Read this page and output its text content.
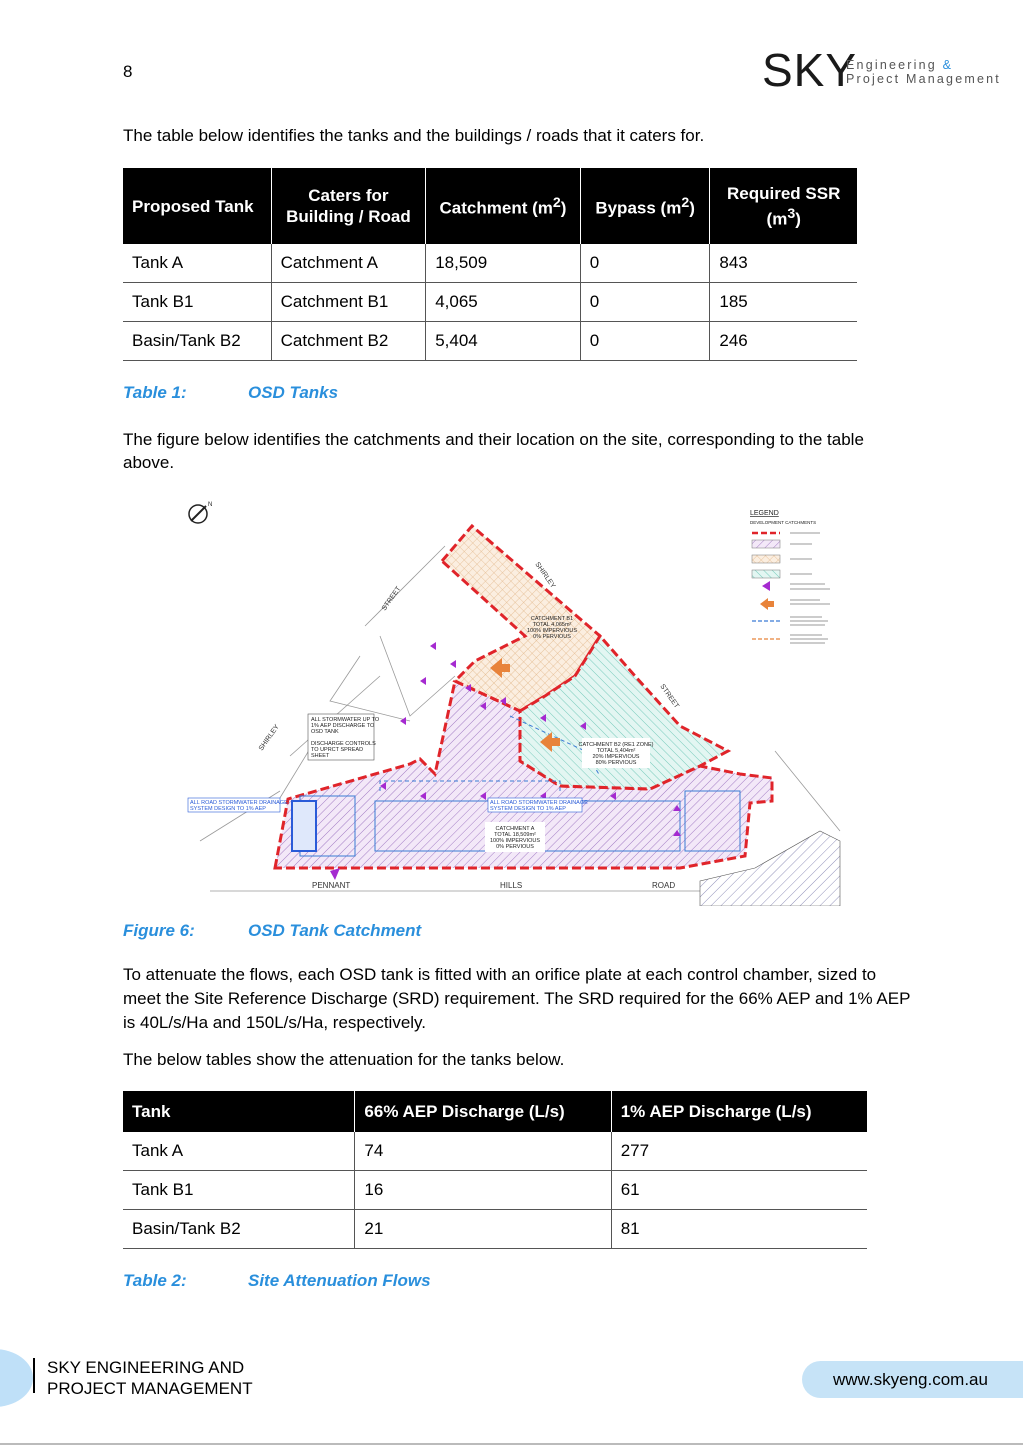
8	SKY
Engineering &
Project Management
The table below identifies the tanks and the buildings / roads that it caters for.
Proposed Tank	Caters for Building / Road	Catchment $(m^2)$	Bypass $(m^2)$	Required SSR $(m^3)$
Tank A	Catchment A	18,509	0	843
Tank B1	Catchment B1	4,065	0	185
Basin/Tank B2	Catchment B2	5,404	0	246
Table 1:	OSD Tanks
The figure below identifies the catchments and their location on the site, corresponding to the table above.
N
SHIRLEY
STREET
STREET
SHIRLEY
PENNANT	HILLS	ROAD
CATCHMENT B1
TOTAL 4,065m²
100% IMPERVIOUS
0% PERVIOUS
CATCHMENT B2 (RE1 ZONE)
TOTAL 5,404m²
20% IMPERVIOUS
80% PERVIOUS
CATCHMENT A
TOTAL 18,509m²
100% IMPERVIOUS
0% PERVIOUS
ALL STORMWATER UP TO
1% AEP DISCHARGE TO
OSD TANK
DISCHARGE CONTROLS
TO UPRCT SPREAD
SHEET
ALL ROAD STORMWATER DRAINAGE
SYSTEM DESIGN TO 1% AEP
ALL ROAD STORMWATER DRAINAGE
SYSTEM DESIGN TO 1% AEP
LEGEND
DEVELOPMENT CATCHMENTS
Figure 6:	OSD Tank Catchment
To attenuate the flows, each OSD tank is fitted with an orifice plate at each control chamber, sized to meet the Site Reference Discharge (SRD) requirement. The SRD required for the 66% AEP and 1% AEP is 40L/s/Ha and 150L/s/Ha, respectively.
The below tables show the attenuation for the tanks below.
Tank	66% AEP Discharge (L/s)	1% AEP Discharge (L/s)
Tank A	74	277
Tank B1	16	61
Basin/Tank B2	21	81
Table 2:	Site Attenuation Flows
SKY ENGINEERING AND
PROJECT MANAGEMENT	www.skyeng.com.au
